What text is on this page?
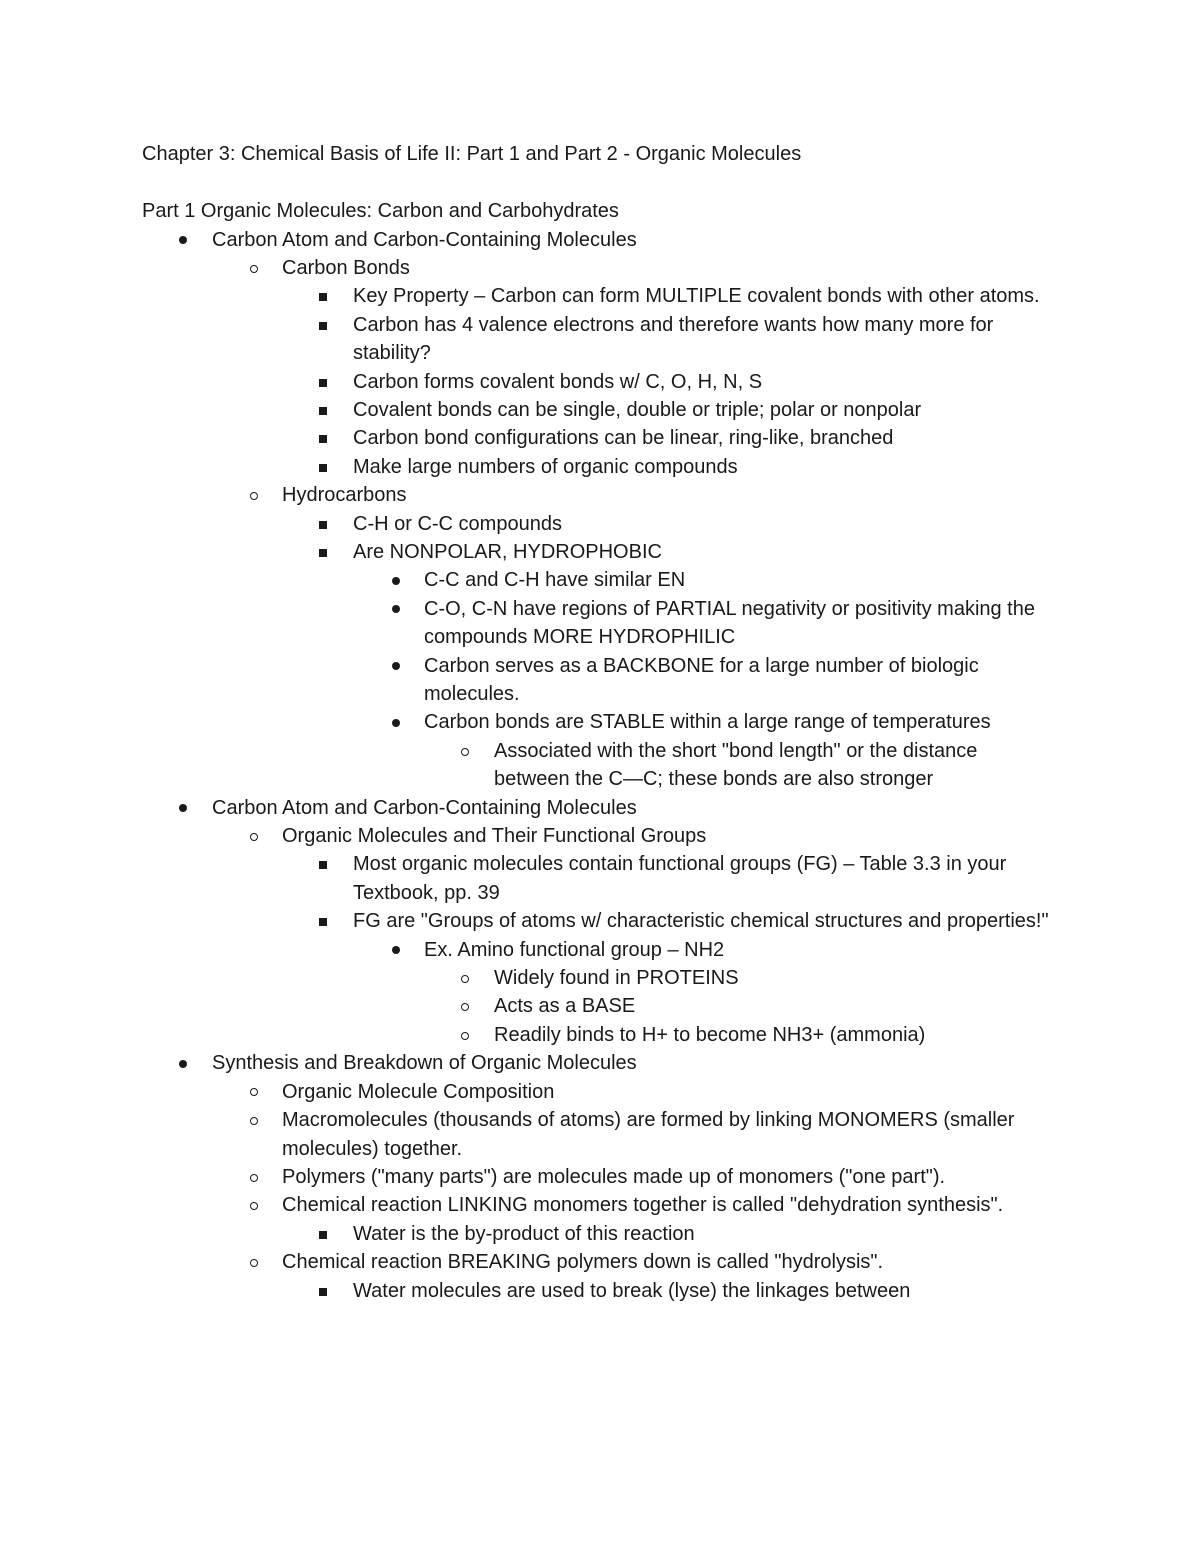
Chapter 3: Chemical Basis of Life II: Part 1 and Part 2 - Organic Molecules
Part 1 Organic Molecules: Carbon and Carbohydrates
Carbon Atom and Carbon-Containing Molecules
Carbon Bonds
Key Property – Carbon can form MULTIPLE covalent bonds with other atoms.
Carbon has 4 valence electrons and therefore wants how many more for stability?
Carbon forms covalent bonds w/ C, O, H, N, S
Covalent bonds can be single, double or triple; polar or nonpolar
Carbon bond configurations can be linear, ring-like, branched
Make large numbers of organic compounds
Hydrocarbons
C-H or C-C compounds
Are NONPOLAR, HYDROPHOBIC
C-C and C-H have similar EN
C-O, C-N have regions of PARTIAL negativity or positivity making the compounds MORE HYDROPHILIC
Carbon serves as a BACKBONE for a large number of biologic molecules.
Carbon bonds are STABLE within a large range of temperatures
Associated with the short "bond length" or the distance between the C—C; these bonds are also stronger
Carbon Atom and Carbon-Containing Molecules
Organic Molecules and Their Functional Groups
Most organic molecules contain functional groups (FG) – Table 3.3 in your Textbook, pp. 39
FG are "Groups of atoms w/ characteristic chemical structures and properties!"
Ex. Amino functional group – NH2
Widely found in PROTEINS
Acts as a BASE
Readily binds to H+ to become NH3+ (ammonia)
Synthesis and Breakdown of Organic Molecules
Organic Molecule Composition
Macromolecules (thousands of atoms) are formed by linking MONOMERS (smaller molecules) together.
Polymers ("many parts") are molecules made up of monomers ("one part").
Chemical reaction LINKING monomers together is called "dehydration synthesis".
Water is the by-product of this reaction
Chemical reaction BREAKING polymers down is called "hydrolysis".
Water molecules are used to break (lyse) the linkages between
